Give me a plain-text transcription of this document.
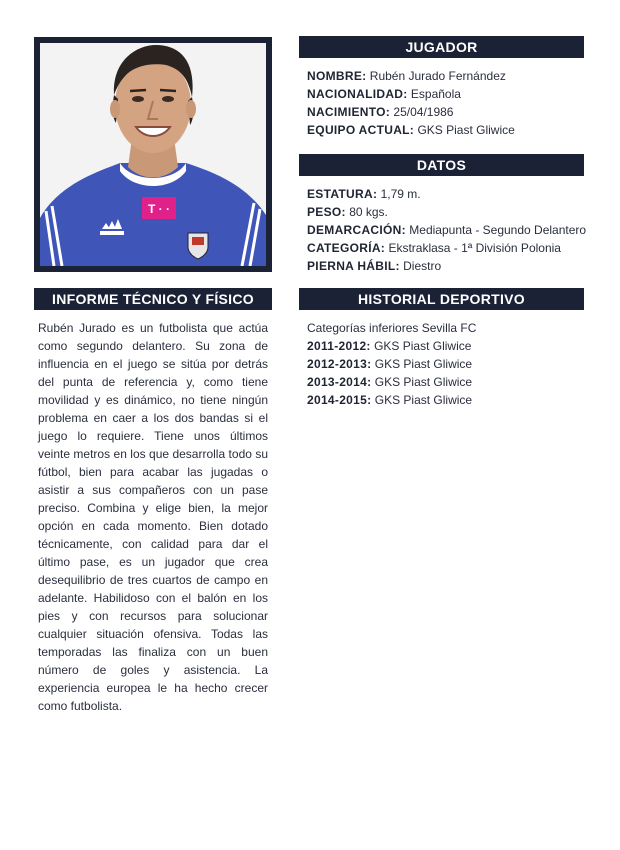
T · ·
JUGADOR
NOMBRE: Rubén Jurado Fernández
NACIONALIDAD: Española
NACIMIENTO: 25/04/1986
EQUIPO ACTUAL: GKS Piast Gliwice
DATOS
ESTATURA: 1,79 m.
PESO: 80 kgs.
DEMARCACIÓN: Mediapunta - Segundo Delantero
CATEGORÍA: Ekstraklasa - 1ª División Polonia
PIERNA HÁBIL: Diestro
INFORME TÉCNICO Y FÍSICO

Rubén Jurado es un futbolista que actúa como segundo delantero. Su zona de influencia en el juego se sitúa por detrás del punta de referencia y, como tiene movilidad y es dinámico, no tiene ningún problema en caer a los dos bandas si el juego lo requiere. Tiene unos últimos veinte metros en los que desarrolla todo su fútbol, bien para acabar las jugadas o asistir a sus compañeros con un pase preciso. Combina y elige bien, la mejor opción en cada momento. Bien dotado técnicamente, con calidad para dar el último pase, es un jugador que crea desequilibrio de tres cuartos de campo en adelante. Habilidoso con el balón en los pies y con recursos para solucionar cualquier situación ofensiva. Todas las temporadas las finaliza con un buen número de goles y asistencia. La experiencia europea le ha hecho crecer como futbolista.

HISTORIAL DEPORTIVO
Categorías inferiores Sevilla FC
2011-2012: GKS Piast Gliwice
2012-2013: GKS Piast Gliwice
2013-2014: GKS Piast Gliwice
2014-2015: GKS Piast Gliwice
